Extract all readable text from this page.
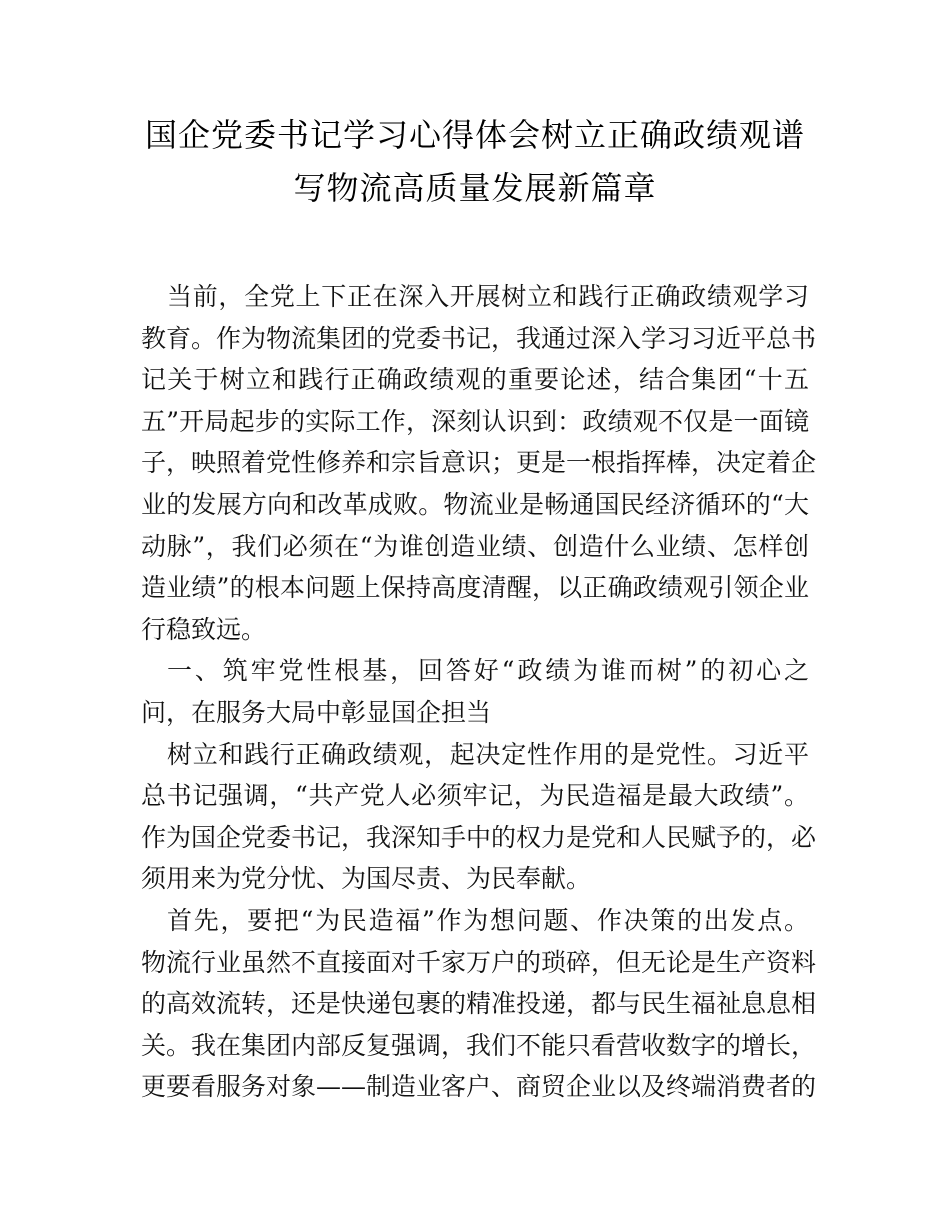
国企党委书记学习心得体会树立正确政绩观谱
写物流高质量发展新篇章
当前，全党上下正在深入开展树立和践行正确政绩观学习
教育。作为物流集团的党委书记，我通过深入学习习近平总书
记关于树立和践行正确政绩观的重要论述，结合集团“十五
五”开局起步的实际工作，深刻认识到：政绩观不仅是一面镜
子，映照着党性修养和宗旨意识；更是一根指挥棒，决定着企
业的发展方向和改革成败。物流业是畅通国民经济循环的“大
动脉”，我们必须在“为谁创造业绩、创造什么业绩、怎样创
造业绩”的根本问题上保持高度清醒，以正确政绩观引领企业
行稳致远。
一、筑牢党性根基，回答好“政绩为谁而树”的初心之
问，在服务大局中彰显国企担当
树立和践行正确政绩观，起决定性作用的是党性。习近平
总书记强调，“共产党人必须牢记，为民造福是最大政绩”。
作为国企党委书记，我深知手中的权力是党和人民赋予的，必
须用来为党分忧、为国尽责、为民奉献。
首先，要把“为民造福”作为想问题、作决策的出发点。
物流行业虽然不直接面对千家万户的琐碎，但无论是生产资料
的高效流转，还是快递包裹的精准投递，都与民生福祉息息相
关。我在集团内部反复强调，我们不能只看营收数字的增长，
更要看服务对象——制造业客户、商贸企业以及终端消费者的
